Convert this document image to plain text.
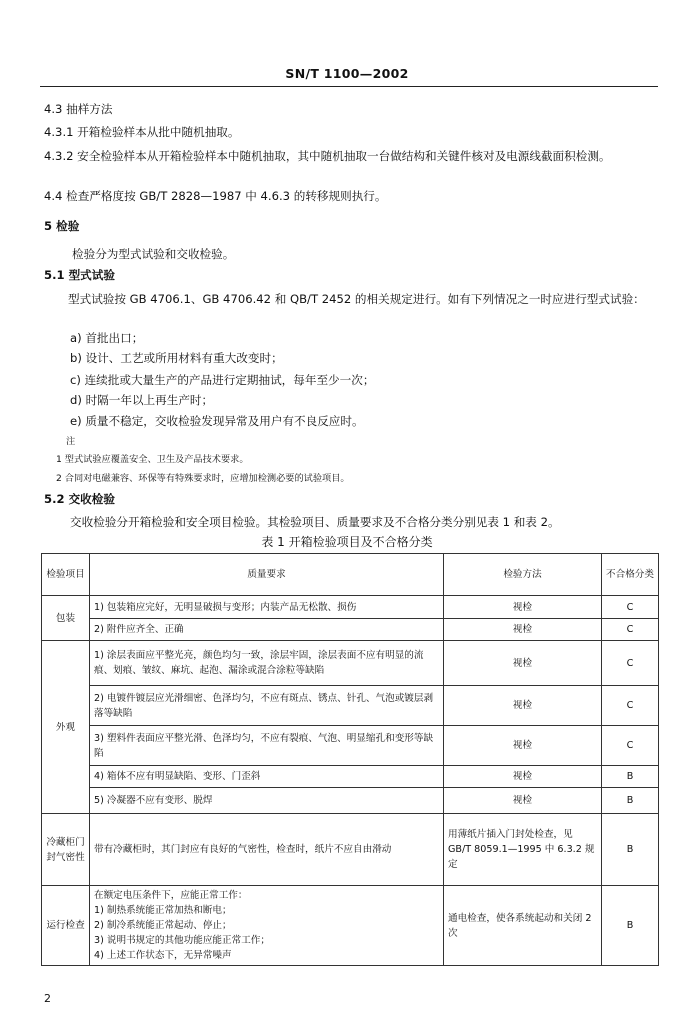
SN/T 1100—2002
4.3 抽样方法
4.3.1 开箱检验样本从批中随机抽取。
4.3.2 安全检验样本从开箱检验样本中随机抽取，其中随机抽取一台做结构和关键件核对及电源线截面积检测。
4.4 检查严格度按 GB/T 2828—1987 中 4.6.3 的转移规则执行。
5 检验
检验分为型式试验和交收检验。
5.1 型式试验
型式试验按 GB 4706.1、GB 4706.42 和 QB/T 2452 的相关规定进行。如有下列情况之一时应进行型式试验：
a) 首批出口；
b) 设计、工艺或所用材料有重大改变时；
c) 连续批或大量生产的产品进行定期抽试，每年至少一次；
d) 时隔一年以上再生产时；
e) 质量不稳定，交收检验发现异常及用户有不良反应时。
注
1 型式试验应覆盖安全、卫生及产品技术要求。
2 合同对电磁兼容、环保等有特殊要求时，应增加检测必要的试验项目。
5.2 交收检验
交收检验分开箱检验和安全项目检验。其检验项目、质量要求及不合格分类分别见表 1 和表 2。
表 1 开箱检验项目及不合格分类
检验项目	质量要求	检验方法	不合格分类
包装	1) 包装箱应完好，无明显破损与变形；内装产品无松散、损伤	视检	C
	2) 附件应齐全、正确	视检	C
外观	1) 涂层表面应平整光亮，颜色均匀一致，涂层牢固，涂层表面不应有明显的流痕、划痕、皱纹、麻坑、起泡、漏涂或混合涂粒等缺陷	视检	C
	2) 电镀件镀层应光滑细密、色泽均匀，不应有斑点、锈点、针孔、气泡或镀层剥落等缺陷	视检	C
	3) 塑料件表面应平整光滑、色泽均匀，不应有裂痕、气泡、明显缩孔和变形等缺陷	视检	C
	4) 箱体不应有明显缺陷、变形、门歪斜	视检	B
	5) 冷凝器不应有变形、脱焊	视检	B
冷藏柜门封气密性	带有冷藏柜时，其门封应有良好的气密性，检查时，纸片不应自由滑动	用薄纸片插入门封处检查，见 GB/T 8059.1—1995 中 6.3.2 规定	B
运行检查	在额定电压条件下，应能正常工作：
1) 制热系统能正常加热和断电；
2) 制冷系统能正常起动、停止；
3) 说明书规定的其他功能应能正常工作；
4) 上述工作状态下，无异常噪声	通电检查，使各系统起动和关闭 2 次	B
2
